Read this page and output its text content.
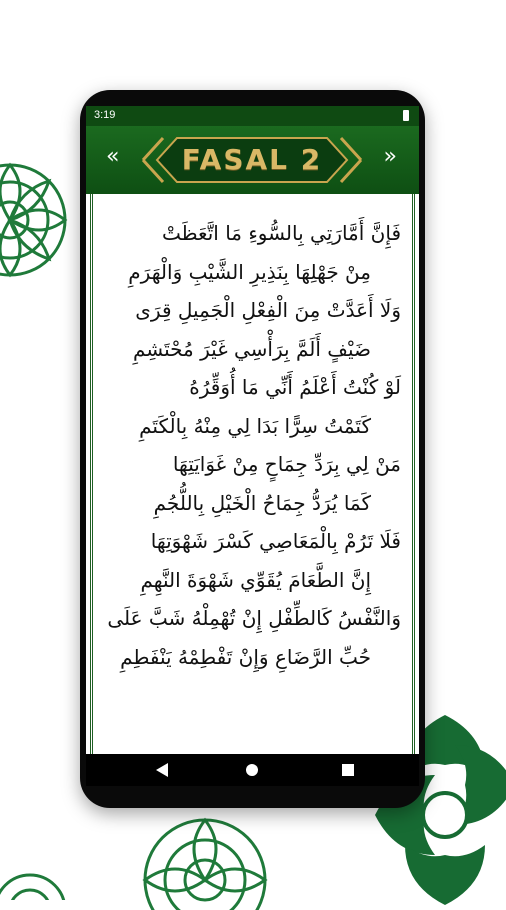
3:19
«	FASAL 2	»
فَإِنَّ أَمَّارَتِي بِالسُّوءِ مَا اتَّعَظَتْ
مِنْ جَهْلِهَا بِنَذِيرِ الشَّيْبِ وَالْهَرَمِ
وَلَا أَعَدَّتْ مِنَ الْفِعْلِ الْجَمِيلِ قِرَى
ضَيْفٍ أَلَمَّ بِرَأْسِي غَيْرَ مُحْتَشِمِ
لَوْ كُنْتُ أَعْلَمُ أَنِّي مَا أُوَقِّرُهُ
كَتَمْتُ سِرًّا بَدَا لِي مِنْهُ بِالْكَتَمِ
مَنْ لِي بِرَدِّ جِمَاحٍ مِنْ غَوَايَتِهَا
كَمَا يُرَدُّ جِمَاحُ الْخَيْلِ بِاللُّجُمِ
فَلَا تَرُمْ بِالْمَعَاصِي كَسْرَ شَهْوَتِهَا
إِنَّ الطَّعَامَ يُقَوِّي شَهْوَةَ النَّهِمِ
وَالنَّفْسُ كَالطِّفْلِ إِنْ تُهْمِلْهُ شَبَّ عَلَى
حُبِّ الرَّضَاعِ وَإِنْ تَفْطِمْهُ يَنْفَطِمِ
